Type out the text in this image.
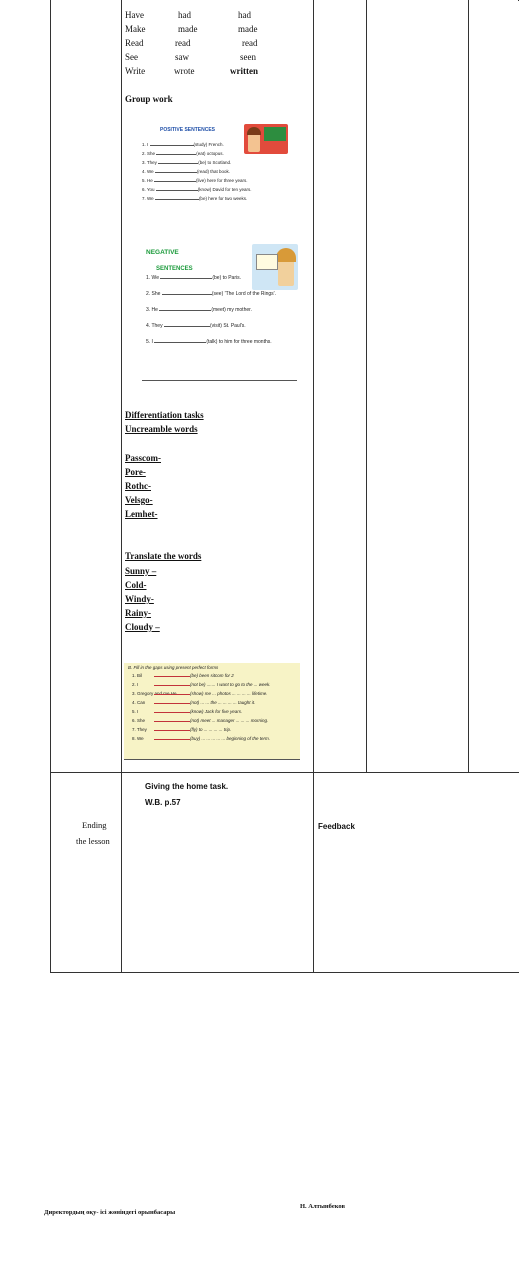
Have	had	had
Make	made	made
Read	read	read
See	saw	seen
Write	wrote	written
Group work
POSITIVE SENTENCES
1. I	(study) French.
2. She	(eat) octopus.
3. They	(be) to Scotland.
4. We	(read) that book.
5. He	(live) here for three years.
6. You	(know) David for ten years.
7. We	(be) here for two weeks.
NEGATIVE
SENTENCES
1. We	(be) to Paris.
2. She	(see) 'The Lord of the Rings'.
3. He	(meet) my mother.
4. They	(visit) St. Paul's.
5. I	(talk) to him for three months.
Differentiation tasks
Uncreamble words
Passcom-
Pore-
Rothc-
Velsgo-
Lemhet-
Translate the words
Sunny –
Cold-
Windy-
Rainy-
Cloudy –
B. Fill in the gaps using present perfect forms
1. Bil	(be) been sitcom for 2
2. I	(not be) ....... I want to go to the ... week.
3. Gregory and me He	(show) me ... photos ... ... ... ... lifetime.
4. Can	(not) ... ... the ... ... ... ... taught it.
5. I	(know) Jack for five years.
6. She	(not) meet ... manager ... ... ... morning.
7. They	(fly) to ... ... ... ... trip.
8. We	(buy) ... ... ... ... ... beginning of the term.
Giving the home task.
W.B. p.57
Ending
the lesson
Feedback
Директордың оқу- ісі жөніндегі орынбасары
Н. Алтынбеков
